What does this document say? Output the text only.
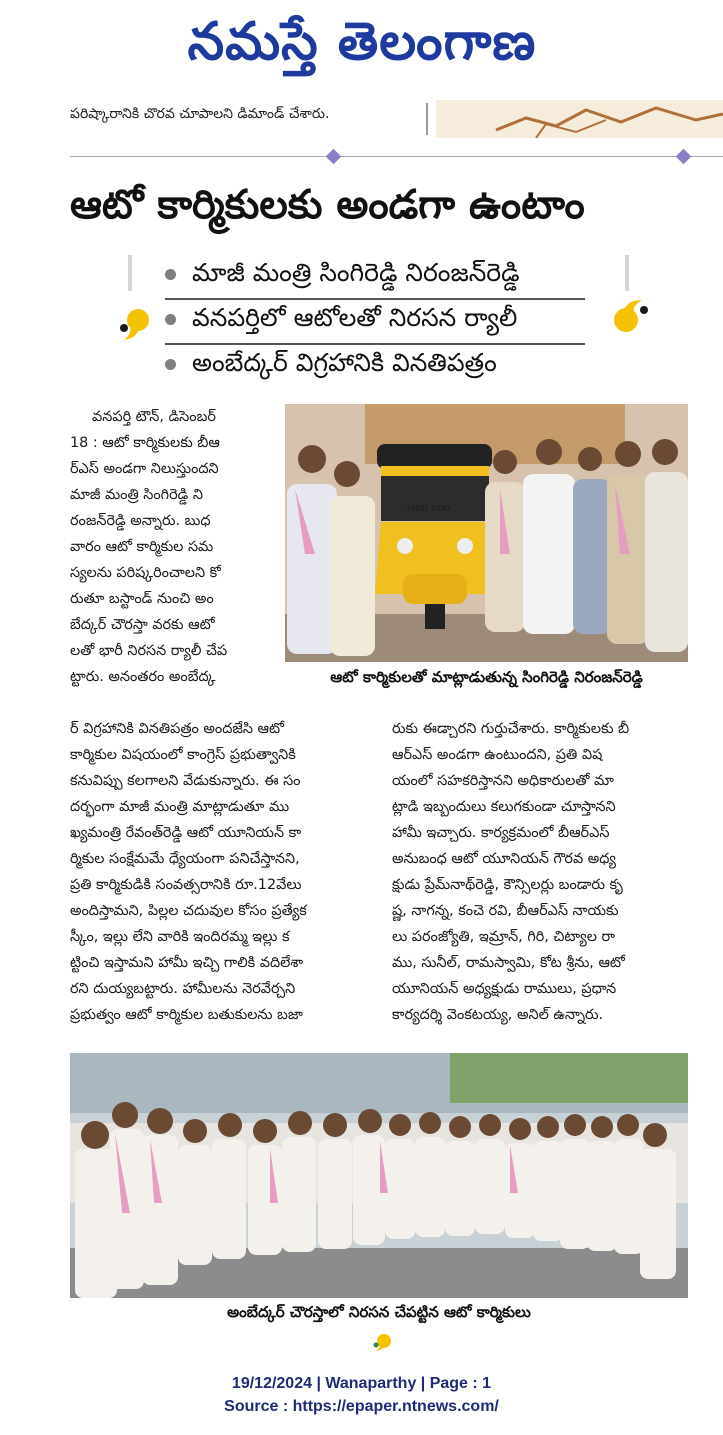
నమస్తే తెలంగాణ
పరిష్కారానికి చొరవ చూపాలని డిమాండ్ చేశారు.
ఆటో కార్మికులకు అండగా ఉంటాం
మాజీ మంత్రి సింగిరెడ్డి నిరంజన్‌రెడ్డి
వనపర్తిలో ఆటోలతో నిరసన ర్యాలీ
అంబేద్కర్ విగ్రహానికి వినతిపత్రం
MINI TAXI
ఆటో కార్మికులతో మాట్లాడుతున్న సింగిరెడ్డి నిరంజన్‌రెడ్డి
వనపర్తి టౌన్, డిసెంబర్
18 : ఆటో కార్మికులకు బీఆ
ర్ఎస్ అండగా నిలుస్తుందని
మాజీ మంత్రి సింగిరెడ్డి ని
రంజన్‌రెడ్డి అన్నారు. బుధ
వారం ఆటో కార్మికుల సమ
స్యలను పరిష్కరించాలని కో
రుతూ బస్టాండ్ నుంచి అం
బేద్కర్ చౌరస్తా వరకు ఆటో
లతో భారీ నిరసన ర్యాలీ చేప
ట్టారు. అనంతరం అంబేద్క
ర్ విగ్రహానికి వినతిపత్రం అందజేసి ఆటో
కార్మికుల విషయంలో కాంగ్రెస్ ప్రభుత్వానికి
కనువిప్పు కలగాలని వేడుకున్నారు. ఈ సం
దర్భంగా మాజీ మంత్రి మాట్లాడుతూ ము
ఖ్యమంత్రి రేవంత్‌రెడ్డి ఆటో యూనియన్ కా
ర్మికుల సంక్షేమమే ధ్యేయంగా పనిచేస్తానని,
ప్రతి కార్మికుడికి సంవత్సరానికి రూ.12వేలు
అందిస్తామని, పిల్లల చదువుల కోసం ప్రత్యేక
స్కీం, ఇల్లు లేని వారికి ఇందిరమ్మ ఇల్లు క
ట్టించి ఇస్తామని హామీ ఇచ్చి గాలికి వదిలేశా
రని దుయ్యబట్టారు. హామీలను నెరవేర్చని
ప్రభుత్వం ఆటో కార్మికుల బతుకులను బజా
రుకు ఈడ్చారని గుర్తుచేశారు. కార్మికులకు బీ
ఆర్ఎస్ అండగా ఉంటుందని, ప్రతి విష
యంలో సహకరిస్తానని అధికారులతో మా
ట్లాడి ఇబ్బందులు కలుగకుండా చూస్తానని
హామీ ఇచ్చారు. కార్యక్రమంలో బీఆర్ఎస్
అనుబంధ ఆటో యూనియన్ గౌరవ అధ్య
క్షుడు ప్రేమ్‌నాథ్‌రెడ్డి, కౌన్సిలర్లు బండారు కృ
ష్ణ, నాగన్న, కంచె రవి, బీఆర్ఎస్ నాయకు
లు పరంజ్యోతి, ఇమ్రాన్, గిరి, చిట్యాల రా
ము, సునీల్, రామస్వామి, కోట శ్రీను, ఆటో
యూనియన్ అధ్యక్షుడు రాములు, ప్రధాన
కార్యదర్శి వెంకటయ్య, అనిల్ ఉన్నారు.
అంబేద్కర్ చౌరస్తాలో నిరసన చేపట్టిన ఆటో కార్మికులు
19/12/2024 | Wanaparthy | Page : 1
Source : https://epaper.ntnews.com/
